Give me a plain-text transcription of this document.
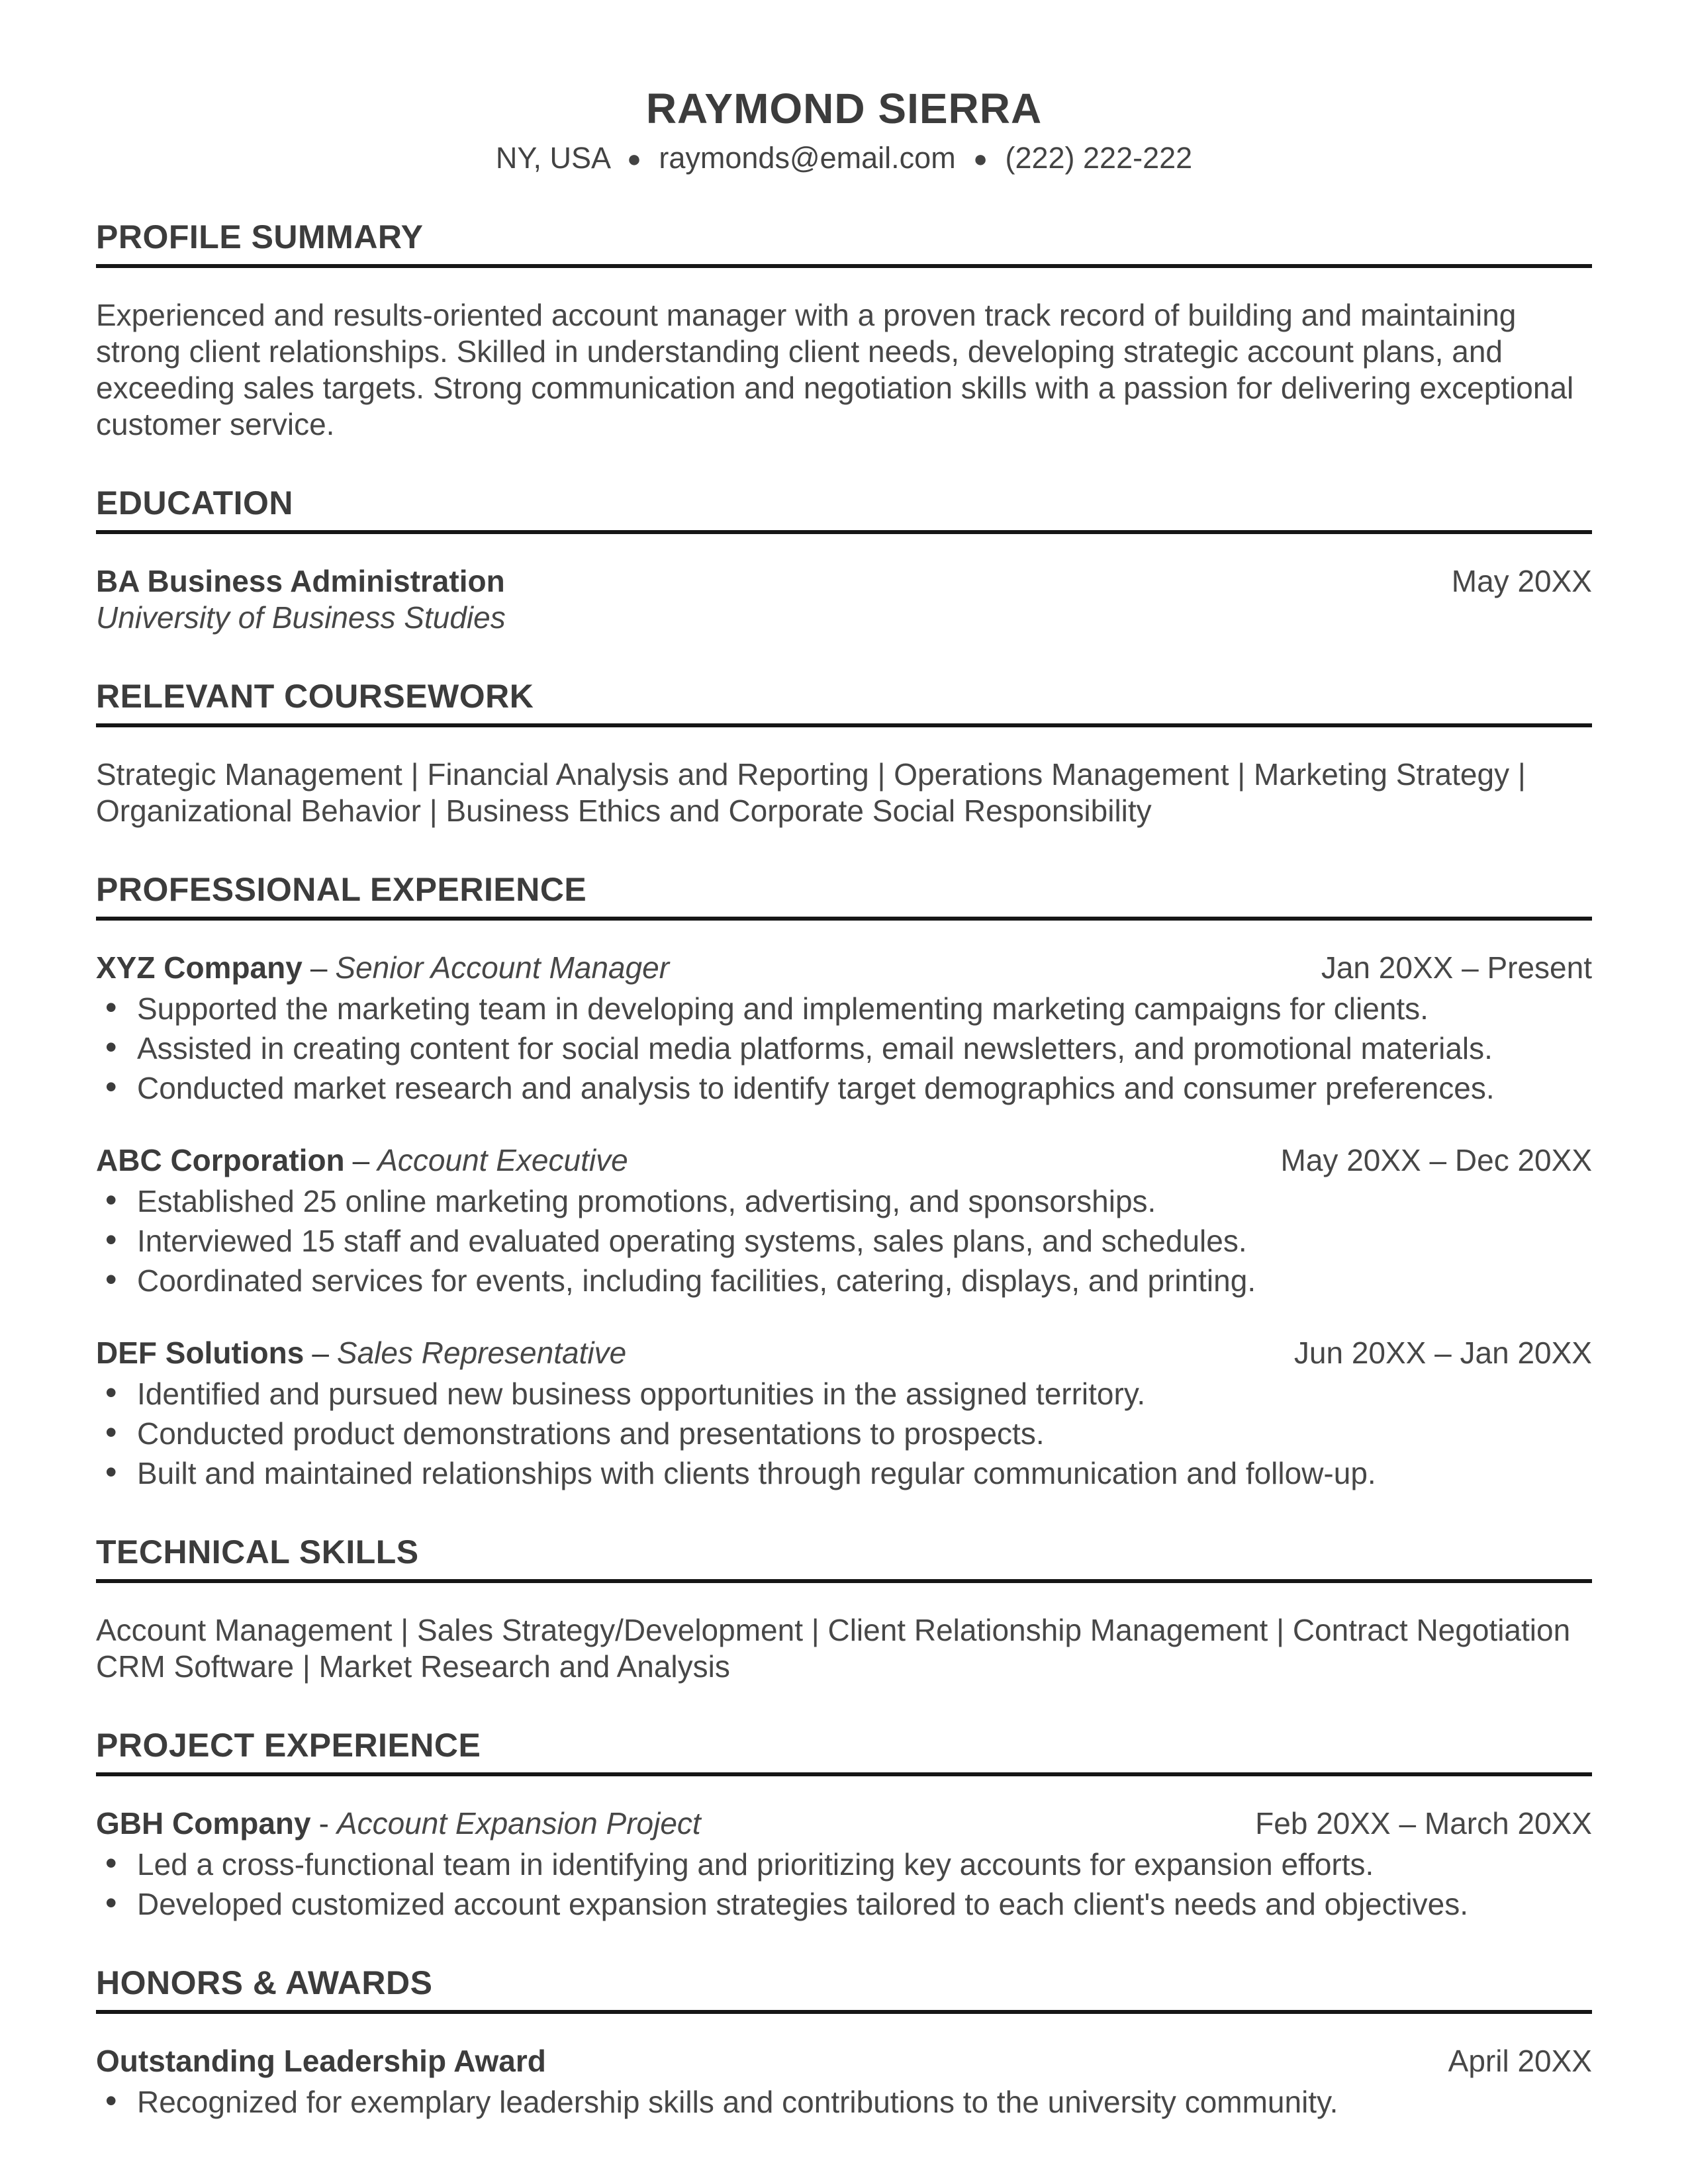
RAYMOND SIERRA
NY, USA ● raymonds@email.com ● (222) 222-222
PROFILE SUMMARY

Experienced and results-oriented account manager with a proven track record of building and maintaining strong client relationships. Skilled in understanding client needs, developing strategic account plans, and exceeding sales targets. Strong communication and negotiation skills with a passion for delivering exceptional customer service.

EDUCATION
BA Business Administration	May 20XX
University of Business Studies
RELEVANT COURSEWORK

Strategic Management | Financial Analysis and Reporting | Operations Management | Marketing Strategy | Organizational Behavior | Business Ethics and Corporate Social Responsibility

PROFESSIONAL EXPERIENCE
XYZ Company – Senior Account Manager	Jan 20XX – Present
• Supported the marketing team in developing and implementing marketing campaigns for clients.
• Assisted in creating content for social media platforms, email newsletters, and promotional materials.
• Conducted market research and analysis to identify target demographics and consumer preferences.
ABC Corporation – Account Executive	May 20XX – Dec 20XX
• Established 25 online marketing promotions, advertising, and sponsorships.
• Interviewed 15 staff and evaluated operating systems, sales plans, and schedules.
• Coordinated services for events, including facilities, catering, displays, and printing.
DEF Solutions – Sales Representative	Jun 20XX – Jan 20XX
• Identified and pursued new business opportunities in the assigned territory.
• Conducted product demonstrations and presentations to prospects.
• Built and maintained relationships with clients through regular communication and follow-up.
TECHNICAL SKILLS

Account Management | Sales Strategy/Development | Client Relationship Management | Contract Negotiation

CRM Software | Market Research and Analysis

PROJECT EXPERIENCE
GBH Company - Account Expansion Project	Feb 20XX – March 20XX
• Led a cross-functional team in identifying and prioritizing key accounts for expansion efforts.
• Developed customized account expansion strategies tailored to each client's needs and objectives.
HONORS & AWARDS
Outstanding Leadership Award	April 20XX
• Recognized for exemplary leadership skills and contributions to the university community.
